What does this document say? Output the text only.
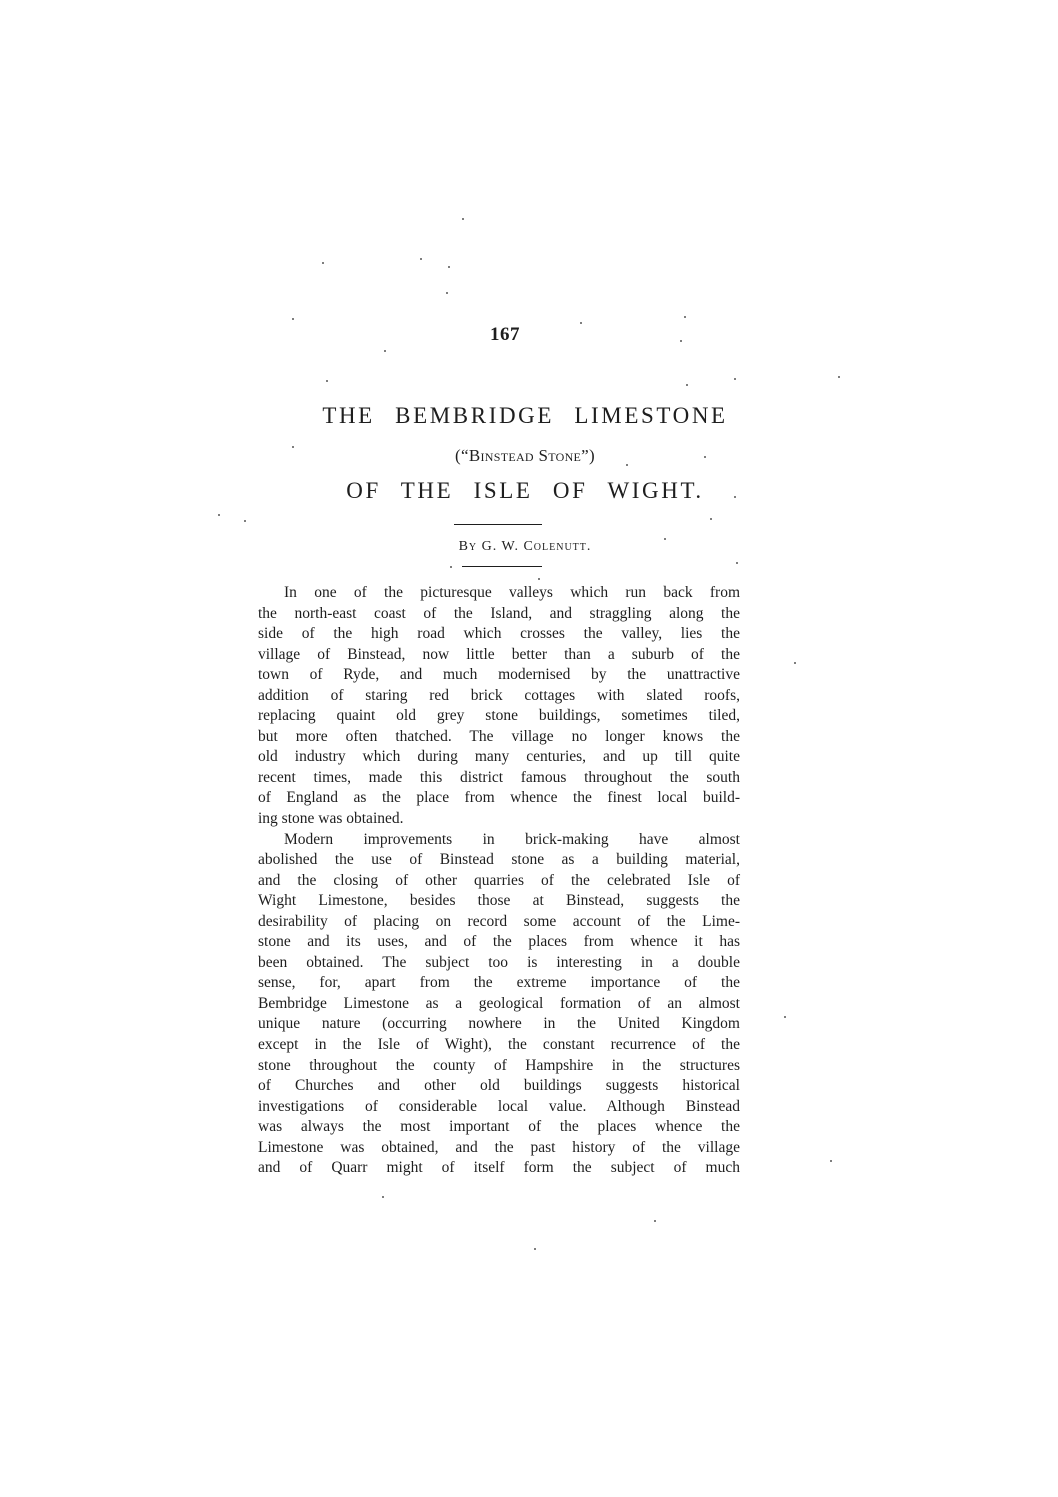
167
THE BEMBRIDGE LIMESTONE
(“Binstead Stone”)
OF THE ISLE OF WIGHT.
By G. W. Colenutt.
In one of the picturesque valleys which run back from
the north-east coast of the Island, and straggling along the
side of the high road which crosses the valley, lies the
village of Binstead, now little better than a suburb of the
town of Ryde, and much modernised by the unattractive
addition of staring red brick cottages with slated roofs,
replacing quaint old grey stone buildings, sometimes tiled,
but more often thatched. The village no longer knows the
old industry which during many centuries, and up till quite
recent times, made this district famous throughout the south
of England as the place from whence the finest local build-
ing stone was obtained.
Modern improvements in brick-making have almost
abolished the use of Binstead stone as a building material,
and the closing of other quarries of the celebrated Isle of
Wight Limestone, besides those at Binstead, suggests the
desirability of placing on record some account of the Lime-
stone and its uses, and of the places from whence it has
been obtained. The subject too is interesting in a double
sense, for, apart from the extreme importance of the
Bembridge Limestone as a geological formation of an almost
unique nature (occurring nowhere in the United Kingdom
except in the Isle of Wight), the constant recurrence of the
stone throughout the county of Hampshire in the structures
of Churches and other old buildings suggests historical
investigations of considerable local value. Although Binstead
was always the most important of the places whence the
Limestone was obtained, and the past history of the village
and of Quarr might of itself form the subject of much
